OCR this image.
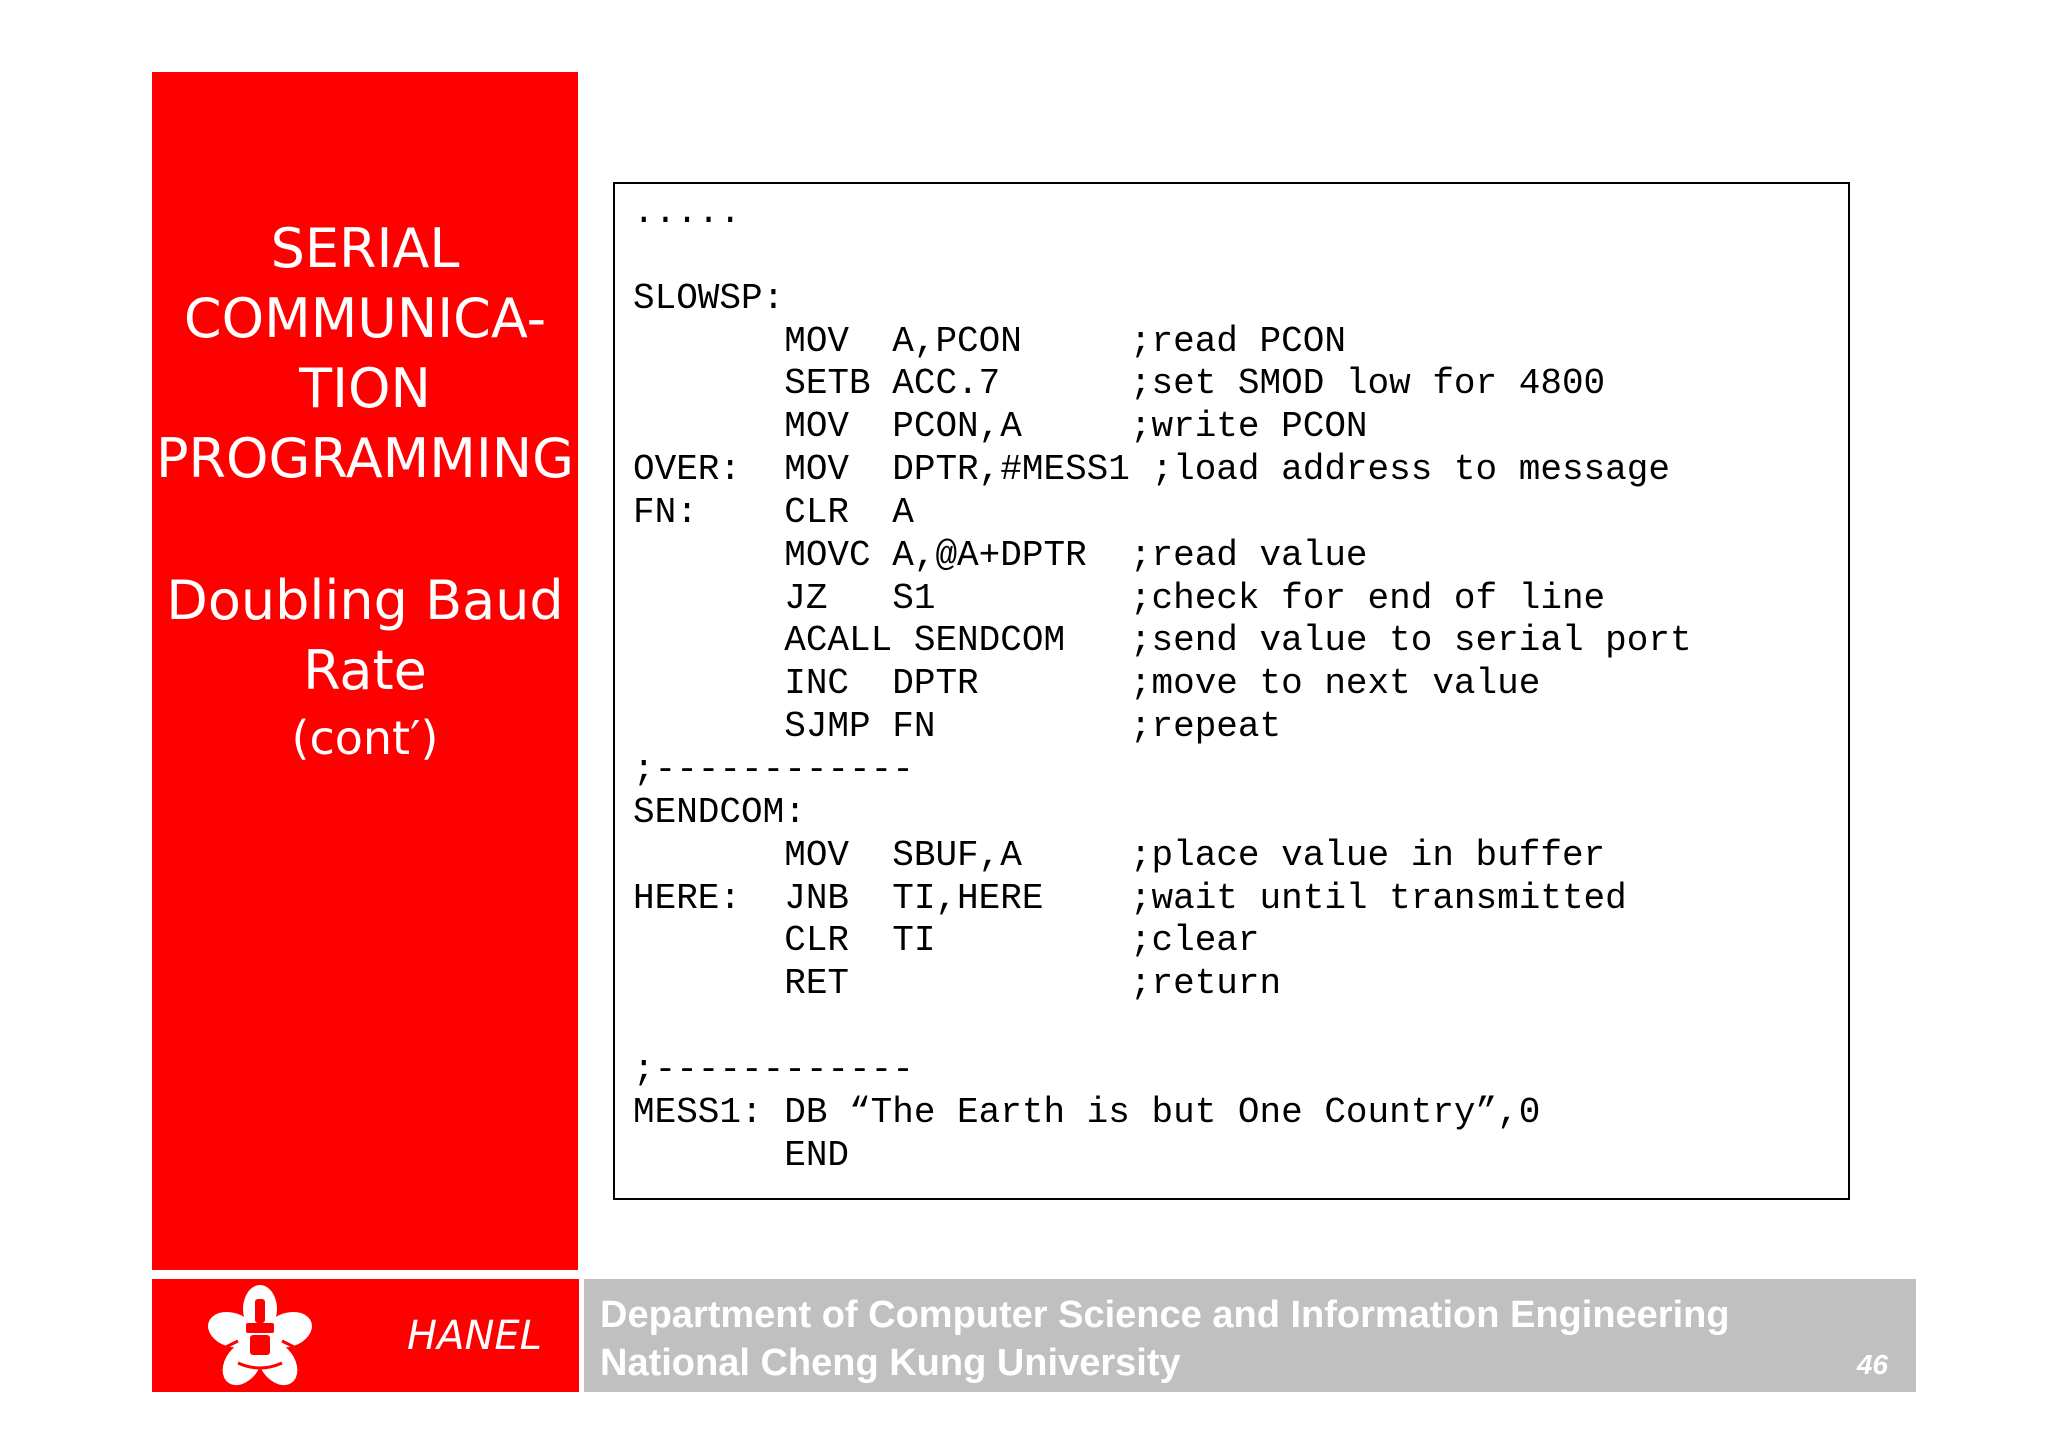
SERIAL
COMMUNICA-
TION
PROGRAMMING
Doubling Baud
Rate
(cont′)
.....
SLOWSP:
MOV  A,PCON     ;read PCON
SETB ACC.7      ;set SMOD low for 4800
MOV  PCON,A     ;write PCON
OVER:  MOV  DPTR,#MESS1 ;load address to message
FN:    CLR  A
MOVC A,@A+DPTR  ;read value
JZ   S1         ;check for end of line
ACALL SENDCOM   ;send value to serial port
INC  DPTR       ;move to next value
SJMP FN         ;repeat
;------------
SENDCOM:
MOV  SBUF,A     ;place value in buffer
HERE:  JNB  TI,HERE    ;wait until transmitted
CLR  TI         ;clear
RET             ;return
;------------
MESS1: DB “The Earth is but One Country”,0
END
HANEL Department of Computer Science and Information Engineering
National Cheng Kung University	46
